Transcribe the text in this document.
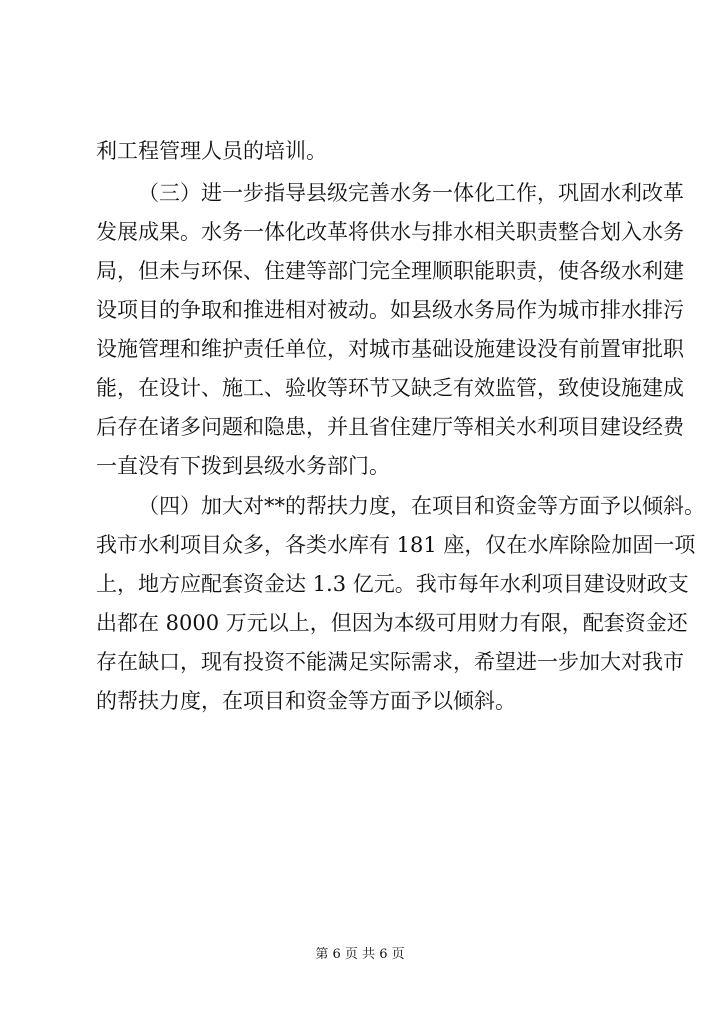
利工程管理人员的培训。
（三）进一步指导县级完善水务一体化工作，巩固水利改革
发展成果。水务一体化改革将供水与排水相关职责整合划入水务
局，但未与环保、住建等部门完全理顺职能职责，使各级水利建
设项目的争取和推进相对被动。如县级水务局作为城市排水排污
设施管理和维护责任单位，对城市基础设施建设没有前置审批职
能，在设计、施工、验收等环节又缺乏有效监管，致使设施建成
后存在诸多问题和隐患，并且省住建厅等相关水利项目建设经费
一直没有下拨到县级水务部门。
（四）加大对**的帮扶力度，在项目和资金等方面予以倾斜。
我市水利项目众多，各类水库有 181 座，仅在水库除险加固一项
上，地方应配套资金达 1.3 亿元。我市每年水利项目建设财政支
出都在 8000 万元以上，但因为本级可用财力有限，配套资金还
存在缺口，现有投资不能满足实际需求，希望进一步加大对我市
的帮扶力度，在项目和资金等方面予以倾斜。
第 6 页 共 6 页
